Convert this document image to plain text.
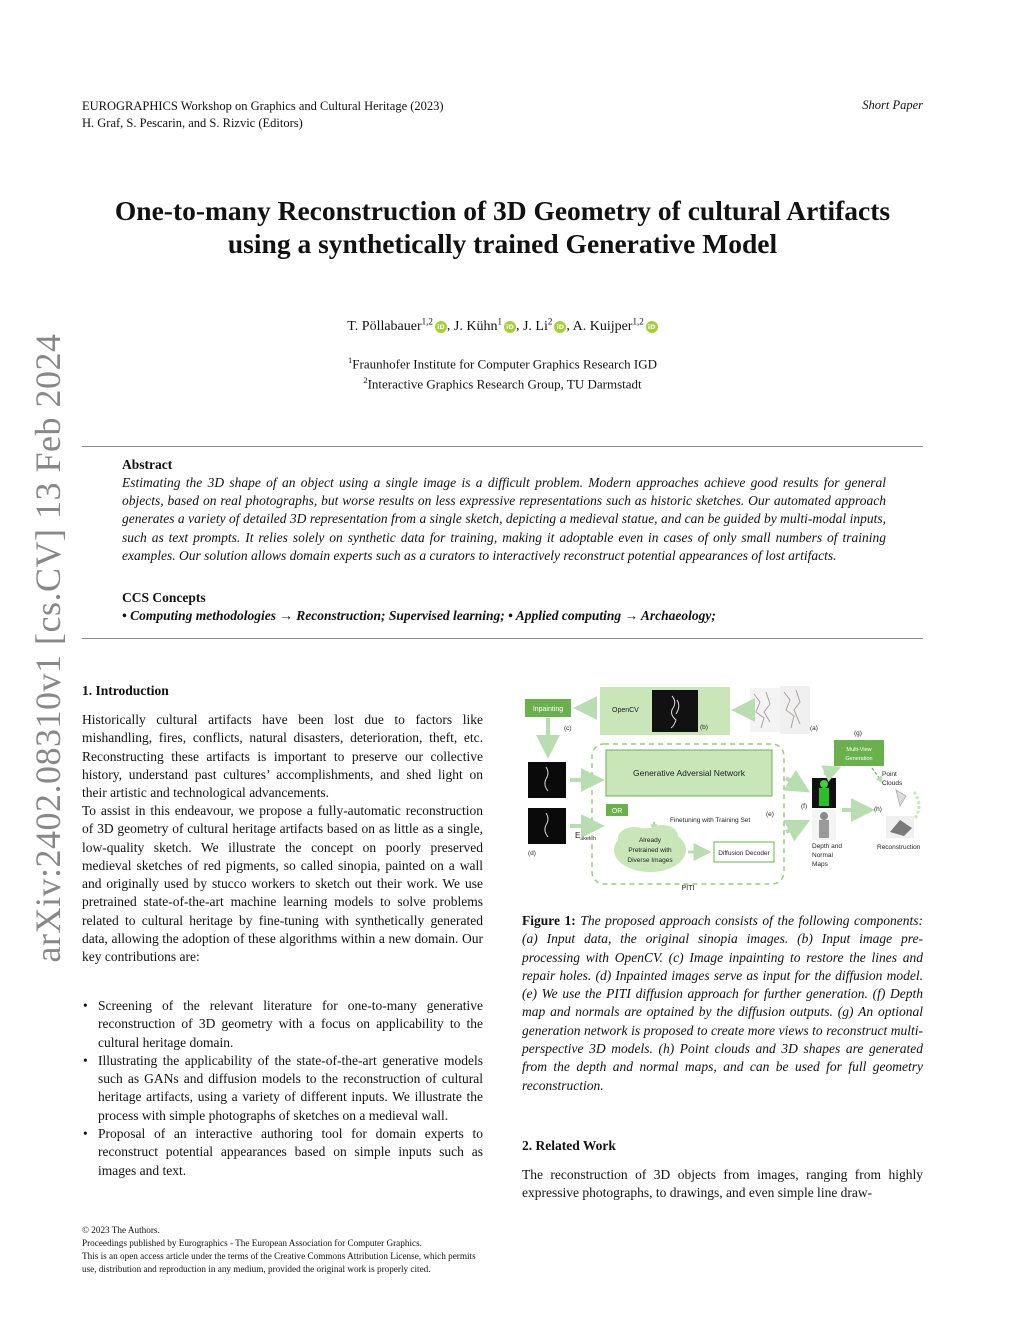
EUROGRAPHICS Workshop on Graphics and Cultural Heritage (2023)
H. Graf, S. Pescarin, and S. Rizvic (Editors)
Short Paper
arXiv:2402.08310v1 [cs.CV] 13 Feb 2024
One-to-many Reconstruction of 3D Geometry of cultural Artifacts
using a synthetically trained Generative Model
T. Pöllabauer$^{1,2}$iD , J. Kühn$^1$iD , J. Li$^2$iD , A. Kuijper$^{1,2}$iD
$^1$Fraunhofer Institute for Computer Graphics Research IGD
$^2$Interactive Graphics Research Group, TU Darmstadt
Abstract
Estimating the 3D shape of an object using a single image is a difficult problem. Modern approaches achieve good results for general objects, based on real photographs, but worse results on less expressive representations such as historic sketches. Our automated approach generates a variety of detailed 3D representation from a single sketch, depicting a medieval statue, and can be guided by multi-modal inputs, such as text prompts. It relies solely on synthetic data for training, making it adoptable even in cases of only small numbers of training examples. Our solution allows domain experts such as a curators to interactively reconstruct potential appearances of lost artifacts.
CCS Concepts
• Computing methodologies → Reconstruction; Supervised learning; • Applied computing → Archaeology;
1. Introduction
Historically cultural artifacts have been lost due to factors like mishandling, fires, conflicts, natural disasters, deterioration, theft, etc. Reconstructing these artifacts is important to preserve our collective history, understand past cultures’ accomplishments, and shed light on their artistic and technological advancements.
To assist in this endeavour, we propose a fully-automatic reconstruction of 3D geometry of cultural heritage artifacts based on as little as a single, low-quality sketch. We illustrate the concept on poorly preserved medieval sketches of red pigments, so called sinopia, painted on a wall and originally used by stucco workers to sketch out their work. We use pretrained state-of-the-art machine learning models to solve problems related to cultural heritage by fine-tuning with synthetically generated data, allowing the adoption of these algorithms within a new domain. Our key contributions are:
• Screening of the relevant literature for one-to-many generative reconstruction of 3D geometry with a focus on applicability to the cultural heritage domain.
• Illustrating the applicability of the state-of-the-art generative models such as GANs and diffusion models to the reconstruction of cultural heritage artifacts, using a variety of different inputs. We illustrate the process with simple photographs of sketches on a medieval wall.
• Proposal of an interactive authoring tool for domain experts to reconstruct potential appearances based on simple inputs such as images and text.
Inpainting
(c)
OpenCV
(b)	(a)
(d)
$E_{sketch}$
Generative Adversial Network
OR
Finetuning with Training Set
(e)
Already
Pretrained with
Diverse Images
Diffusion Decoder
PITI
(f)
Depth and
Normal
Maps
(g)
Multi-View
Generation
Point
Clouds
(h)
Reconstruction
Figure 1: The proposed approach consists of the following components: (a) Input data, the original sinopia images. (b) Input image pre-processing with OpenCV. (c) Image inpainting to restore the lines and repair holes. (d) Inpainted images serve as input for the diffusion model. (e) We use the PITI diffusion approach for further generation. (f) Depth map and normals are optained by the diffusion outputs. (g) An optional generation network is proposed to create more views to reconstruct multi-perspective 3D models. (h) Point clouds and 3D shapes are generated from the depth and normal maps, and can be used for full geometry reconstruction.
2. Related Work
The reconstruction of 3D objects from images, ranging from highly expressive photographs, to drawings, and even simple line draw-
© 2023 The Authors.
Proceedings published by Eurographics - The European Association for Computer Graphics.
This is an open access article under the terms of the Creative Commons Attribution License, which permits use, distribution and reproduction in any medium, provided the original work is properly cited.
